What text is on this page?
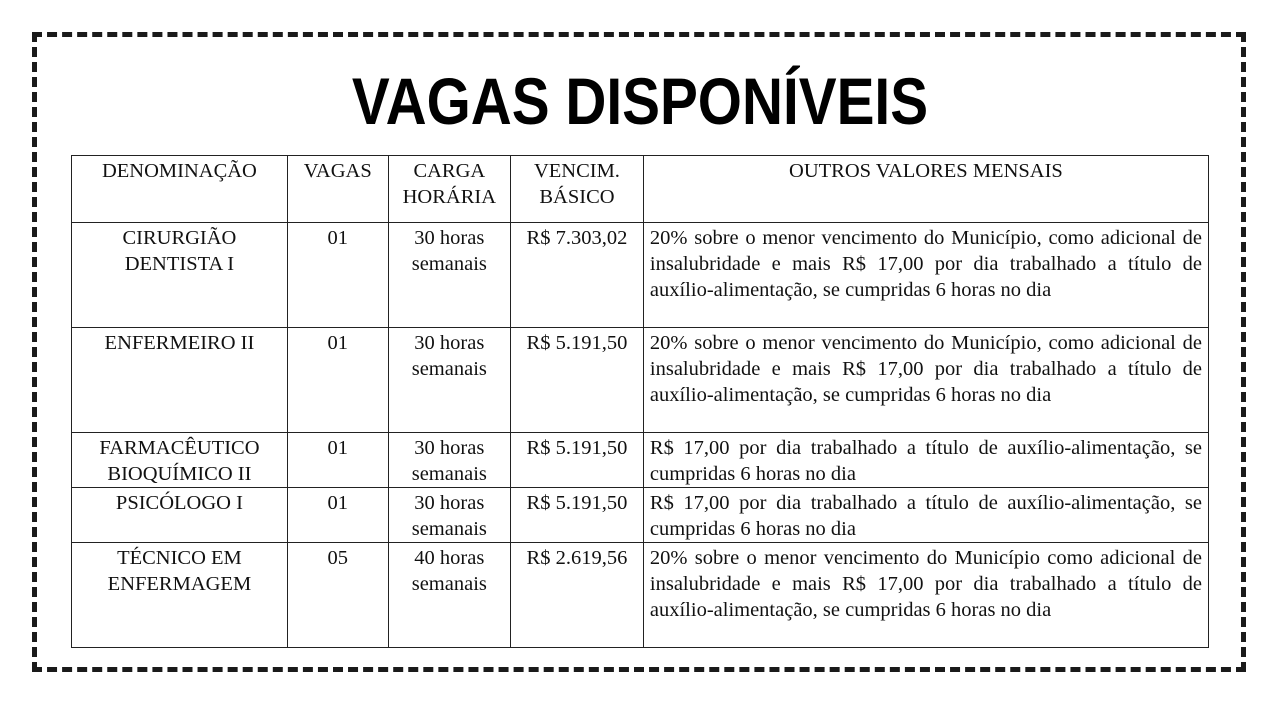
VAGAS DISPONÍVEIS
DENOMINAÇÃO	VAGAS	CARGA HORÁRIA	VENCIM. BÁSICO	OUTROS VALORES MENSAIS
CIRURGIÃO DENTISTA I	01	30 horas semanais	R$ 7.303,02	20% sobre o menor vencimento do Município, como adicional de insalubridade e mais R$ 17,00 por dia trabalhado a título de auxílio-alimentação, se cumpridas 6 horas no dia
ENFERMEIRO II	01	30 horas semanais	R$ 5.191,50	20% sobre o menor vencimento do Município, como adicional de insalubridade e mais R$ 17,00 por dia trabalhado a título de auxílio-alimentação, se cumpridas 6 horas no dia
FARMACÊUTICO BIOQUÍMICO II	01	30 horas semanais	R$ 5.191,50	R$ 17,00 por dia trabalhado a título de auxílio-alimentação, se cumpridas 6 horas no dia
PSICÓLOGO I	01	30 horas semanais	R$ 5.191,50	R$ 17,00 por dia trabalhado a título de auxílio-alimentação, se cumpridas 6 horas no dia
TÉCNICO EM ENFERMAGEM	05	40 horas semanais	R$ 2.619,56	20% sobre o menor vencimento do Município como adicional de insalubridade e mais R$ 17,00 por dia trabalhado a título de auxílio-alimentação, se cumpridas 6 horas no dia
